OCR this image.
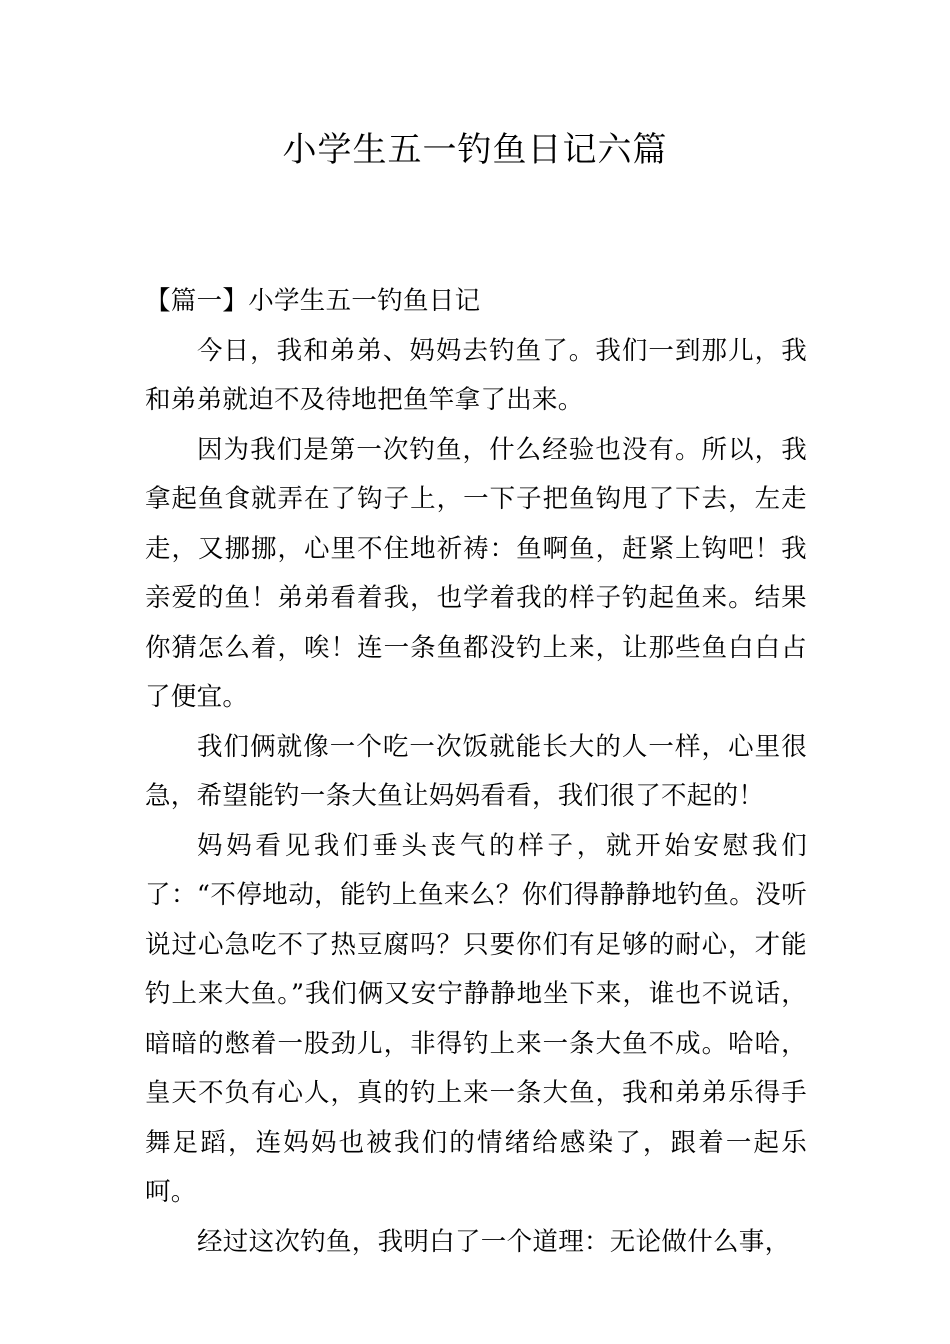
小学生五一钓鱼日记六篇
【篇一】小学生五一钓鱼日记

今日，我和弟弟、妈妈去钓鱼了。我们一到那儿，我和弟弟就迫不及待地把鱼竿拿了出来。

因为我们是第一次钓鱼，什么经验也没有。所以，我拿起鱼食就弄在了钩子上，一下子把鱼钩甩了下去，左走走，又挪挪，心里不住地祈祷：鱼啊鱼，赶紧上钩吧！我亲爱的鱼！弟弟看着我，也学着我的样子钓起鱼来。结果你猜怎么着，唉！连一条鱼都没钓上来，让那些鱼白白占了便宜。

我们俩就像一个吃一次饭就能长大的人一样，心里很急，希望能钓一条大鱼让妈妈看看，我们很了不起的！

妈妈看见我们垂头丧气的样子，就开始安慰我们了：“不停地动，能钓上鱼来么？你们得静静地钓鱼。没听说过心急吃不了热豆腐吗？只要你们有足够的耐心，才能钓上来大鱼。”我们俩又安宁静静地坐下来，谁也不说话，暗暗的憋着一股劲儿，非得钓上来一条大鱼不成。哈哈，皇天不负有心人，真的钓上来一条大鱼，我和弟弟乐得手舞足蹈，连妈妈也被我们的情绪给感染了，跟着一起乐呵。

经过这次钓鱼，我明白了一个道理：无论做什么事，
